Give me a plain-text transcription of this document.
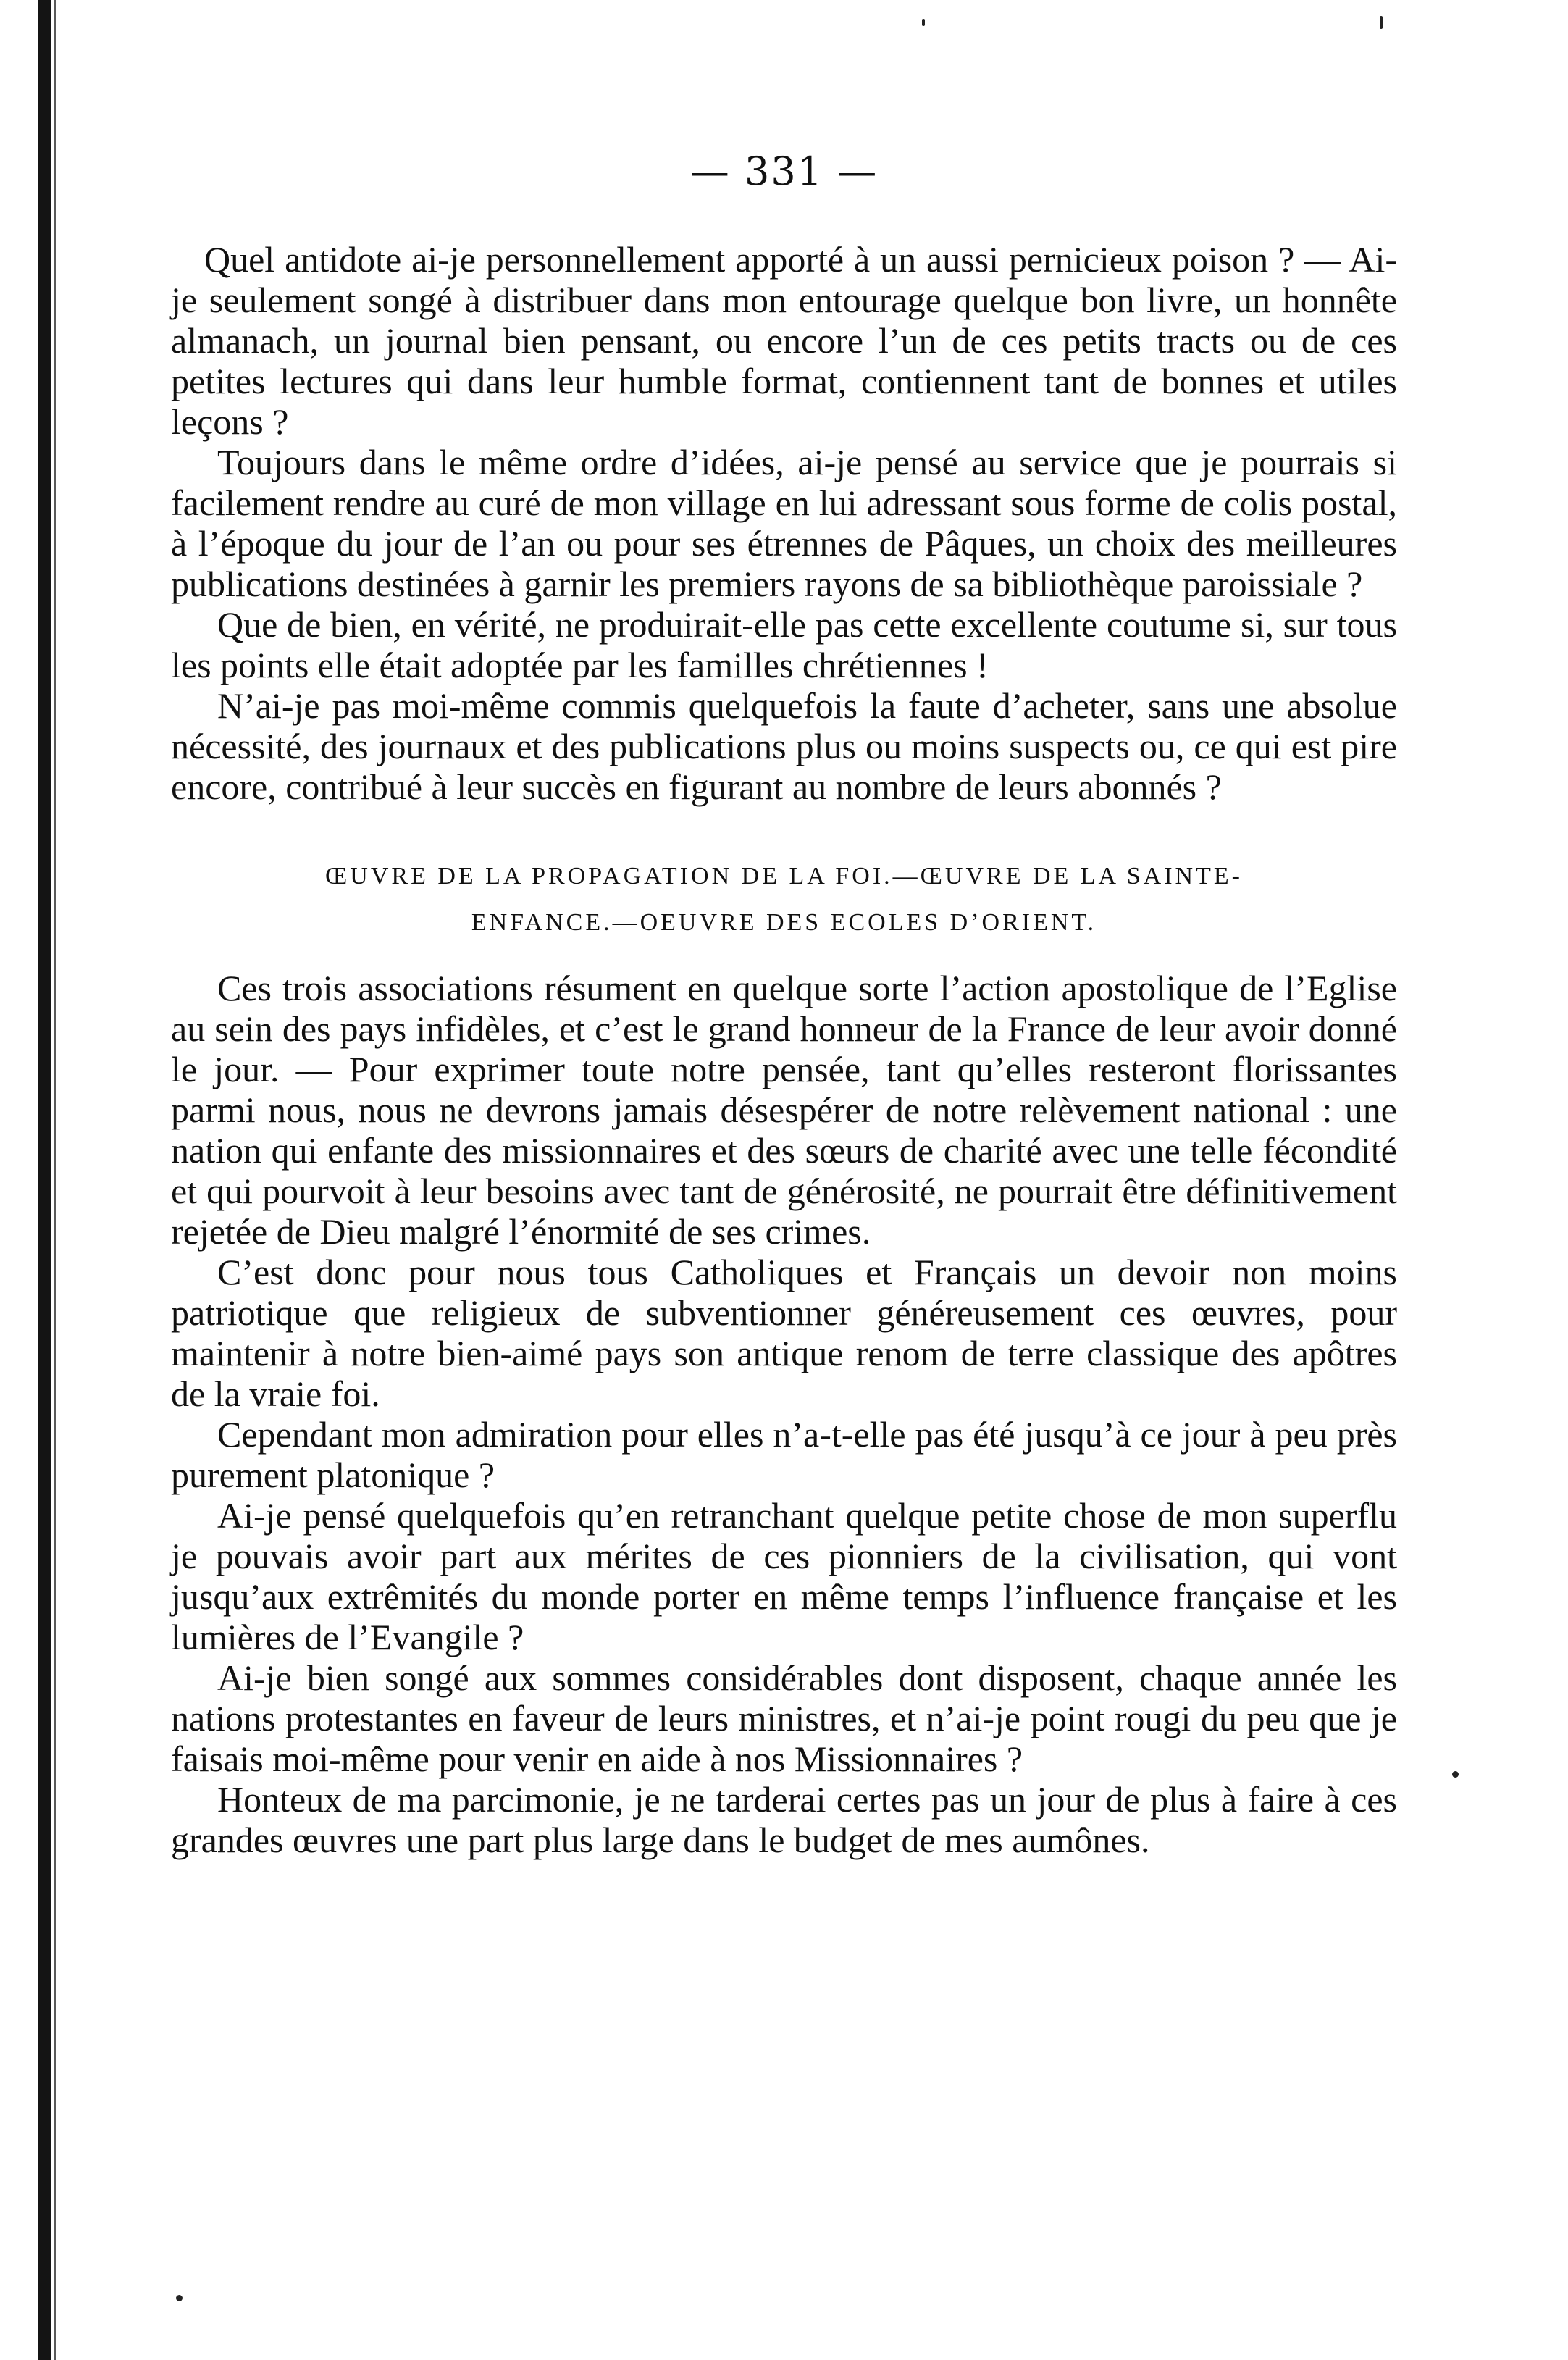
— 331 —

Quel antidote ai-je personnellement apporté à un aussi pernicieux poison ? — Ai-je seulement songé à distribuer dans mon entourage quelque bon livre, un honnête almanach, un journal bien pensant, ou encore l’un de ces petits tracts ou de ces petites lectures qui dans leur humble format, contiennent tant de bonnes et utiles leçons ?

Toujours dans le même ordre d’idées, ai-je pensé au service que je pourrais si facilement rendre au curé de mon village en lui adressant sous forme de colis postal, à l’époque du jour de l’an ou pour ses étrennes de Pâques, un choix des meilleures publications destinées à garnir les premiers rayons de sa bibliothèque paroissiale ?

Que de bien, en vérité, ne produirait-elle pas cette excellente coutume si, sur tous les points elle était adoptée par les familles chrétiennes !

N’ai-je pas moi-même commis quelquefois la faute d’acheter, sans une absolue nécessité, des journaux et des publications plus ou moins suspects ou, ce qui est pire encore, contribué à leur succès en figurant au nombre de leurs abonnés ?

ŒUVRE DE LA PROPAGATION DE LA FOI.—ŒUVRE DE LA SAINTE-
ENFANCE.—OEUVRE DES ECOLES D’ORIENT.

Ces trois associations résument en quelque sorte l’action apostolique de l’Eglise au sein des pays infidèles, et c’est le grand honneur de la France de leur avoir donné le jour. — Pour exprimer toute notre pensée, tant qu’elles resteront florissantes parmi nous, nous ne devrons jamais désespérer de notre relèvement national : une nation qui enfante des missionnaires et des sœurs de charité avec une telle fécondité et qui pourvoit à leur besoins avec tant de générosité, ne pourrait être définitivement rejetée de Dieu malgré l’énormité de ses crimes.

C’est donc pour nous tous Catholiques et Français un devoir non moins patriotique que religieux de subventionner généreusement ces œuvres, pour maintenir à notre bien-aimé pays son antique renom de terre classique des apôtres de la vraie foi.

Cependant mon admiration pour elles n’a-t-elle pas été jusqu’à ce jour à peu près purement platonique ?

Ai-je pensé quelquefois qu’en retranchant quelque petite chose de mon superflu je pouvais avoir part aux mérites de ces pionniers de la civilisation, qui vont jusqu’aux extrêmités du monde porter en même temps l’influence française et les lumières de l’Evangile ?

Ai-je bien songé aux sommes considérables dont disposent, chaque année les nations protestantes en faveur de leurs ministres, et n’ai-je point rougi du peu que je faisais moi-même pour venir en aide à nos Missionnaires ?

Honteux de ma parcimonie, je ne tarderai certes pas un jour de plus à faire à ces grandes œuvres une part plus large dans le budget de mes aumônes.
